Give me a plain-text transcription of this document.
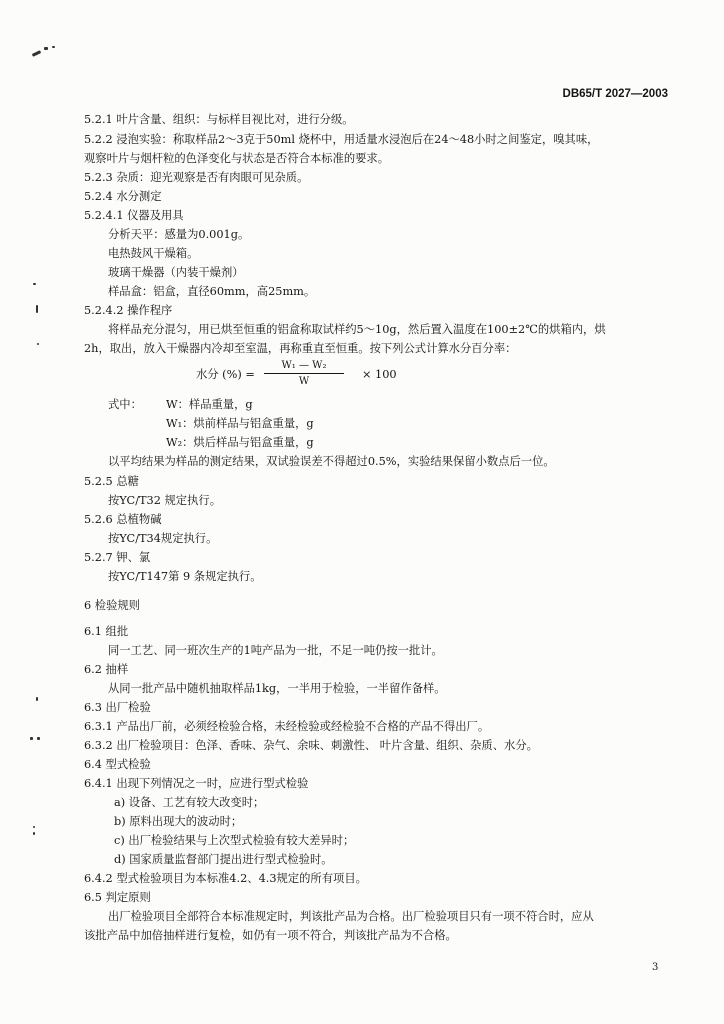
DB65/T 2027—2003
5.2.1 叶片含量、组织：与标样目视比对，进行分级。
5.2.2 浸泡实验：称取样品2～3克于50ml 烧杯中，用适量水浸泡后在24～48小时之间鉴定，嗅其味，
观察叶片与烟杆粒的色泽变化与状态是否符合本标准的要求。
5.2.3 杂质：迎光观察是否有肉眼可见杂质。
5.2.4 水分测定
5.2.4.1 仪器及用具
分析天平：感量为0.001g。
电热鼓风干燥箱。
玻璃干燥器（内装干燥剂）
样品盒：铝盒，直径60mm，高25mm。
5.2.4.2 操作程序
将样品充分混匀，用已烘至恒重的铝盒称取试样约5～10g，然后置入温度在100±2℃的烘箱内，烘
2h，取出，放入干燥器内冷却至室温，再称重直至恒重。按下列公式计算水分百分率：
水分 (%) =
W₁ — W₂
W
× 100
式中： W：样品重量，g
W₁：烘前样品与铝盒重量，g
W₂：烘后样品与铝盒重量，g
以平均结果为样品的测定结果，双试验误差不得超过0.5%，实验结果保留小数点后一位。
5.2.5 总糖
按YC/T32 规定执行。
5.2.6 总植物碱
按YC/T34规定执行。
5.2.7 钾、氯
按YC/T147第 9 条规定执行。
6 检验规则
6.1 组批
同一工艺、同一班次生产的1吨产品为一批，不足一吨仍按一批计。
6.2 抽样
从同一批产品中随机抽取样品1kg，一半用于检验，一半留作备样。
6.3 出厂检验
6.3.1 产品出厂前，必须经检验合格，未经检验或经检验不合格的产品不得出厂。
6.3.2 出厂检验项目：色泽、香味、杂气、余味、刺激性、 叶片含量、组织、杂质、水分。
6.4 型式检验
6.4.1 出现下列情况之一时，应进行型式检验
a) 设备、工艺有较大改变时；
b) 原料出现大的波动时；
c) 出厂检验结果与上次型式检验有较大差异时；
d) 国家质量监督部门提出进行型式检验时。
6.4.2 型式检验项目为本标准4.2、4.3规定的所有项目。
6.5 判定原则
出厂检验项目全部符合本标准规定时，判该批产品为合格。出厂检验项目只有一项不符合时，应从
该批产品中加倍抽样进行复检，如仍有一项不符合，判该批产品为不合格。
3
